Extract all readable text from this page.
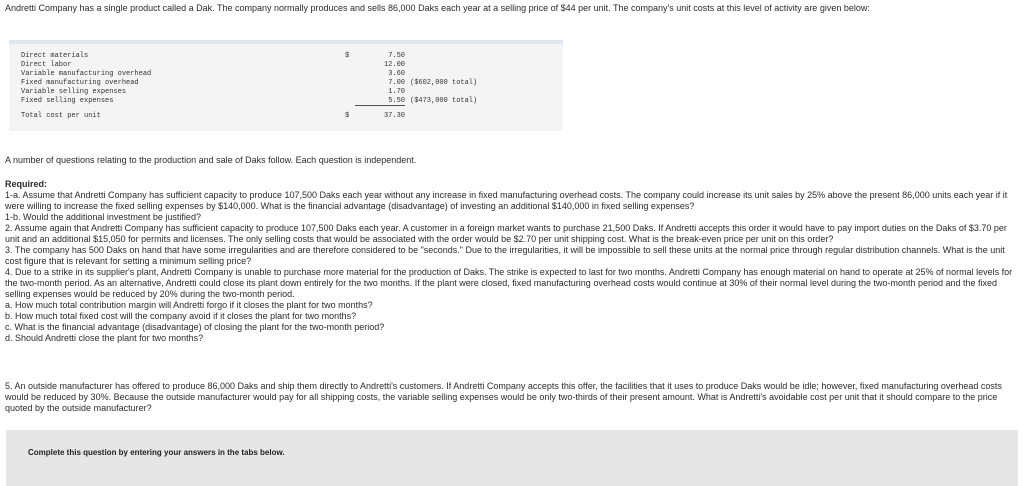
Andretti Company has a single product called a Dak. The company normally produces and sells 86,000 Daks each year at a selling price of $44 per unit. The company's unit costs at this level of activity are given below:
Direct materials	$	7.50
Direct labor	12.00
Variable manufacturing overhead	3.60
Fixed manufacturing overhead	7.00 ($602,000 total)
Variable selling expenses	1.70
Fixed selling expenses	5.50 ($473,000 total)
Total cost per unit	$	37.30
A number of questions relating to the production and sale of Daks follow. Each question is independent.

Required:

1-a. Assume that Andretti Company has sufficient capacity to produce 107,500 Daks each year without any increase in fixed manufacturing overhead costs. The company could increase its unit sales by 25% above the present 86,000 units each year if it were willing to increase the fixed selling expenses by $140,000. What is the financial advantage (disadvantage) of investing an additional $140,000 in fixed selling expenses?

1-b. Would the additional investment be justified?

2. Assume again that Andretti Company has sufficient capacity to produce 107,500 Daks each year. A customer in a foreign market wants to purchase 21,500 Daks. If Andretti accepts this order it would have to pay import duties on the Daks of $3.70 per unit and an additional $15,050 for permits and licenses. The only selling costs that would be associated with the order would be $2.70 per unit shipping cost. What is the break-even price per unit on this order?

3. The company has 500 Daks on hand that have some irregularities and are therefore considered to be "seconds." Due to the irregularities, it will be impossible to sell these units at the normal price through regular distribution channels. What is the unit cost figure that is relevant for setting a minimum selling price?

4. Due to a strike in its supplier's plant, Andretti Company is unable to purchase more material for the production of Daks. The strike is expected to last for two months. Andretti Company has enough material on hand to operate at 25% of normal levels for the two-month period. As an alternative, Andretti could close its plant down entirely for the two months. If the plant were closed, fixed manufacturing overhead costs would continue at 30% of their normal level during the two-month period and the fixed selling expenses would be reduced by 20% during the two-month period.

a. How much total contribution margin will Andretti forgo if it closes the plant for two months?

b. How much total fixed cost will the company avoid if it closes the plant for two months?

c. What is the financial advantage (disadvantage) of closing the plant for the two-month period?

d. Should Andretti close the plant for two months?

5. An outside manufacturer has offered to produce 86,000 Daks and ship them directly to Andretti's customers. If Andretti Company accepts this offer, the facilities that it uses to produce Daks would be idle; however, fixed manufacturing overhead costs would be reduced by 30%. Because the outside manufacturer would pay for all shipping costs, the variable selling expenses would be only two-thirds of their present amount. What is Andretti's avoidable cost per unit that it should compare to the price quoted by the outside manufacturer?
Complete this question by entering your answers in the tabs below.
